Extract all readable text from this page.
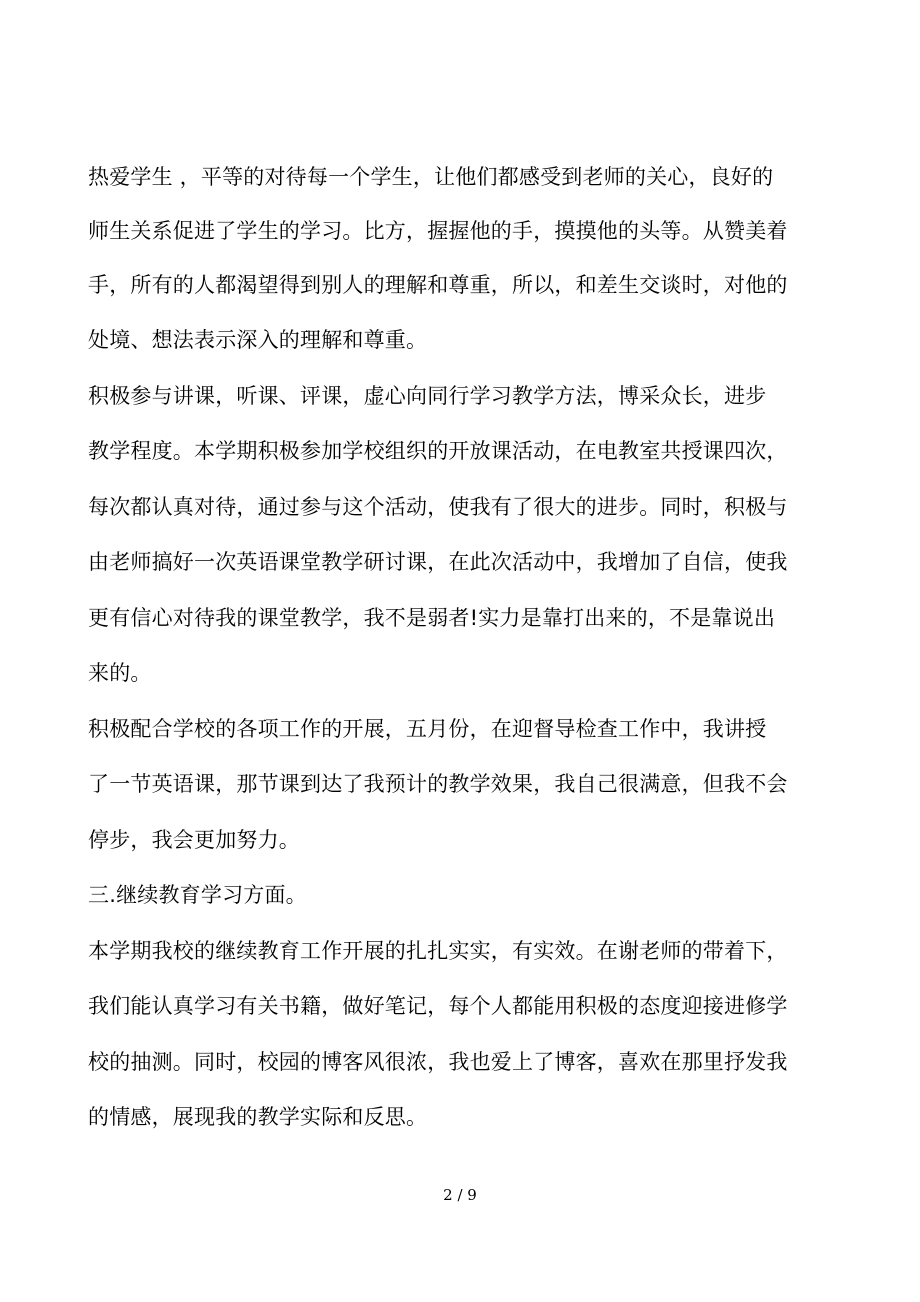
热爱学生 ，平等的对待每一个学生，让他们都感受到老师的关心，良好的
师生关系促进了学生的学习。比方，握握他的手，摸摸他的头等。从赞美着
手，所有的人都渴望得到别人的理解和尊重，所以，和差生交谈时，对他的
处境、想法表示深入的理解和尊重。
积极参与讲课，听课、评课，虚心向同行学习教学方法，博采众长，进步
教学程度。本学期积极参加学校组织的开放课活动，在电教室共授课四次，
每次都认真对待，通过参与这个活动，使我有了很大的进步。同时，积极与
由老师搞好一次英语课堂教学研讨课，在此次活动中，我增加了自信，使我
更有信心对待我的课堂教学，我不是弱者!实力是靠打出来的，不是靠说出
来的。
积极配合学校的各项工作的开展，五月份，在迎督导检查工作中，我讲授
了一节英语课，那节课到达了我预计的教学效果，我自己很满意，但我不会
停步，我会更加努力。
三.继续教育学习方面。
本学期我校的继续教育工作开展的扎扎实实，有实效。在谢老师的带着下，
我们能认真学习有关书籍，做好笔记，每个人都能用积极的态度迎接进修学
校的抽测。同时，校园的博客风很浓，我也爱上了博客，喜欢在那里抒发我
的情感，展现我的教学实际和反思。
2 / 9
